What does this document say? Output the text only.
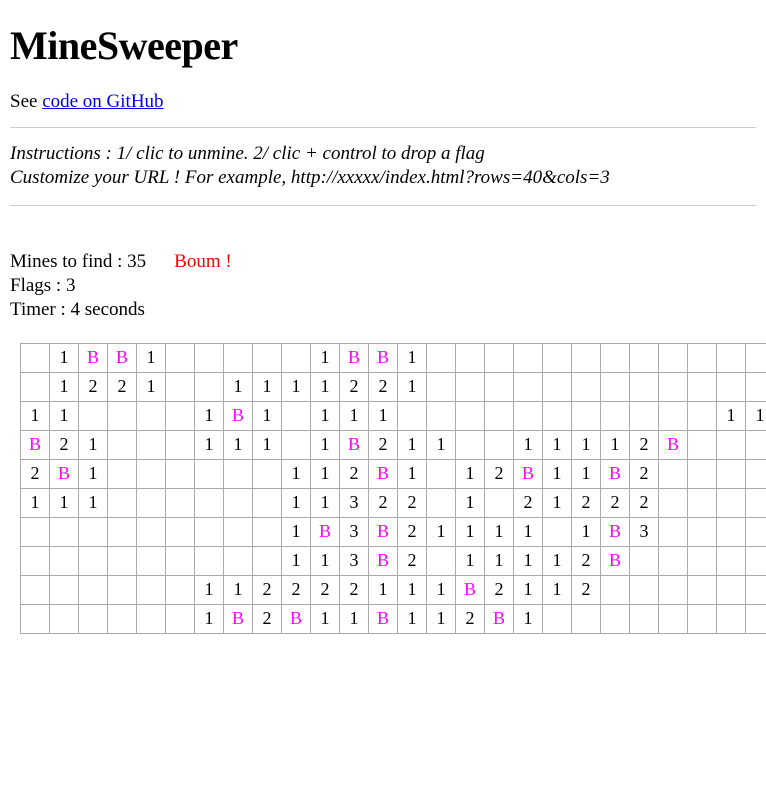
MineSweeper
See code on GitHub
Instructions : 1/ clic to unmine. 2/ clic + control to drop a flag
Customize your URL ! For example, http://xxxxx/index.html?rows=40&cols=3
Mines to find : 35 Boum !
Flags : 3
Timer : 4 seconds
	1	B	B	1						1	B	B	1												
	1	2	2	1			1	1	1	1	2	2	1												
1	1					1	B	1		1	1	1												1	1
B	2	1				1	1	1		1	B	2	1	1			1	1	1	1	2	B			
2	B	1							1	1	2	B	1		1	2	B	1	1	B	2				
1	1	1							1	1	3	2	2		1	B	2	1	2	2	2				
									1	B	3	B	2	1	1	1	1		1	B	3				
									1	1	3	B	2		1	1	1	1	2	B					
						1	1	2	2	2	2	1	1	1	B	2	1	1	2						
						1	B	2	B	1	1	B	1	1	2	B	1								
